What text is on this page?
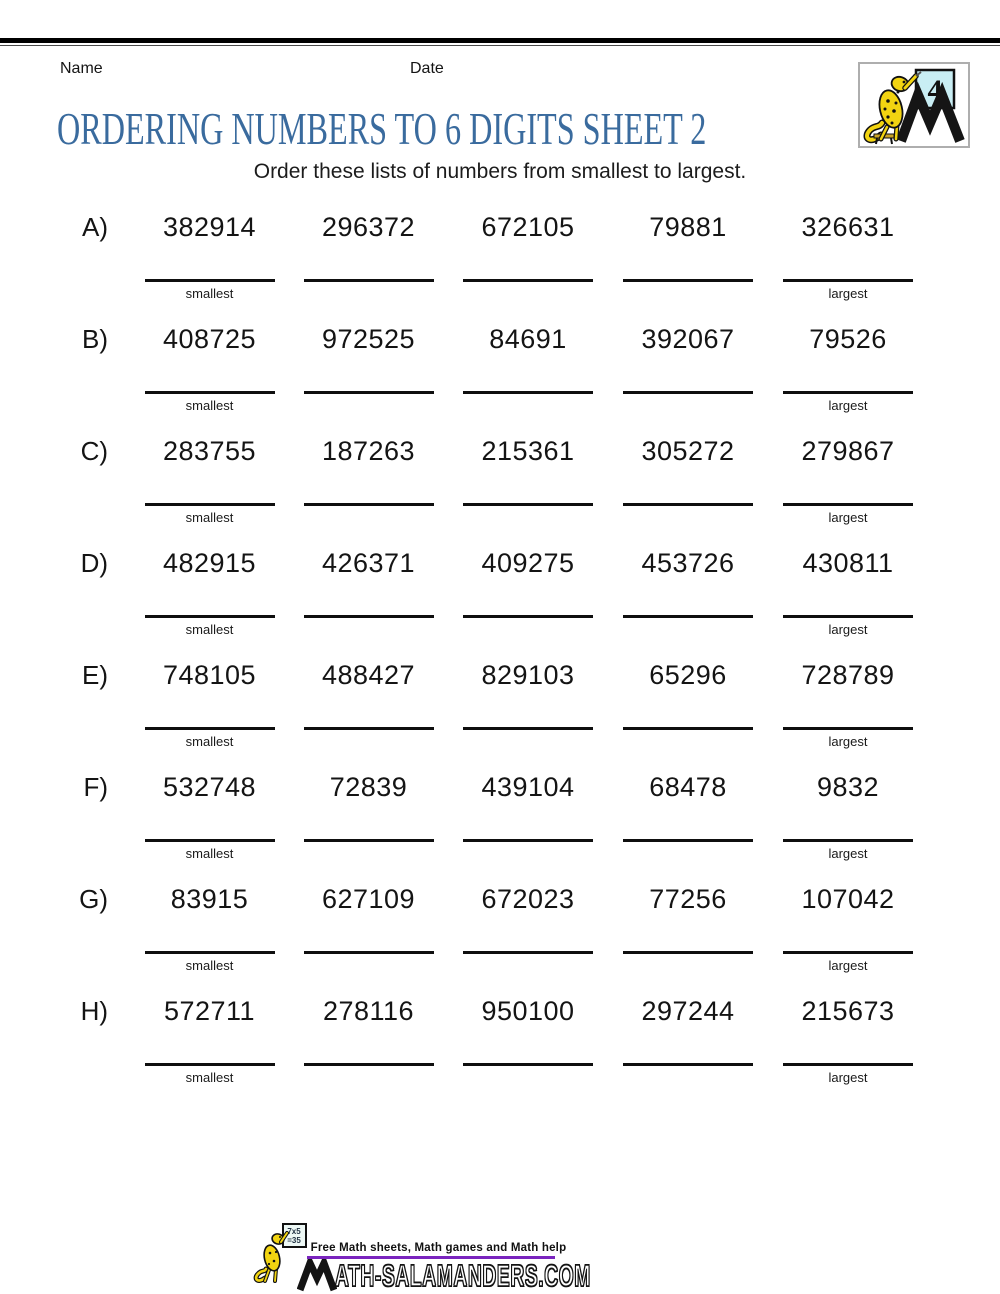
Name	Date
4
ORDERING NUMBERS TO 6 DIGITS SHEET 2
Order these lists of numbers from smallest to largest.
A)	382914	296372	672105	79881	326631
smallest	largest
B)	408725	972525	84691	392067	79526
smallest	largest
C)	283755	187263	215361	305272	279867
smallest	largest
D)	482915	426371	409275	453726	430811
smallest	largest
E)	748105	488427	829103	65296	728789
smallest	largest
F)	532748	72839	439104	68478	9832
smallest	largest
G)	83915	627109	672023	77256	107042
smallest	largest
H)	572711	278116	950100	297244	215673
smallest	largest
7x5
=35
Free Math sheets, Math games and Math help
ATH-SALAMANDERS.COM
